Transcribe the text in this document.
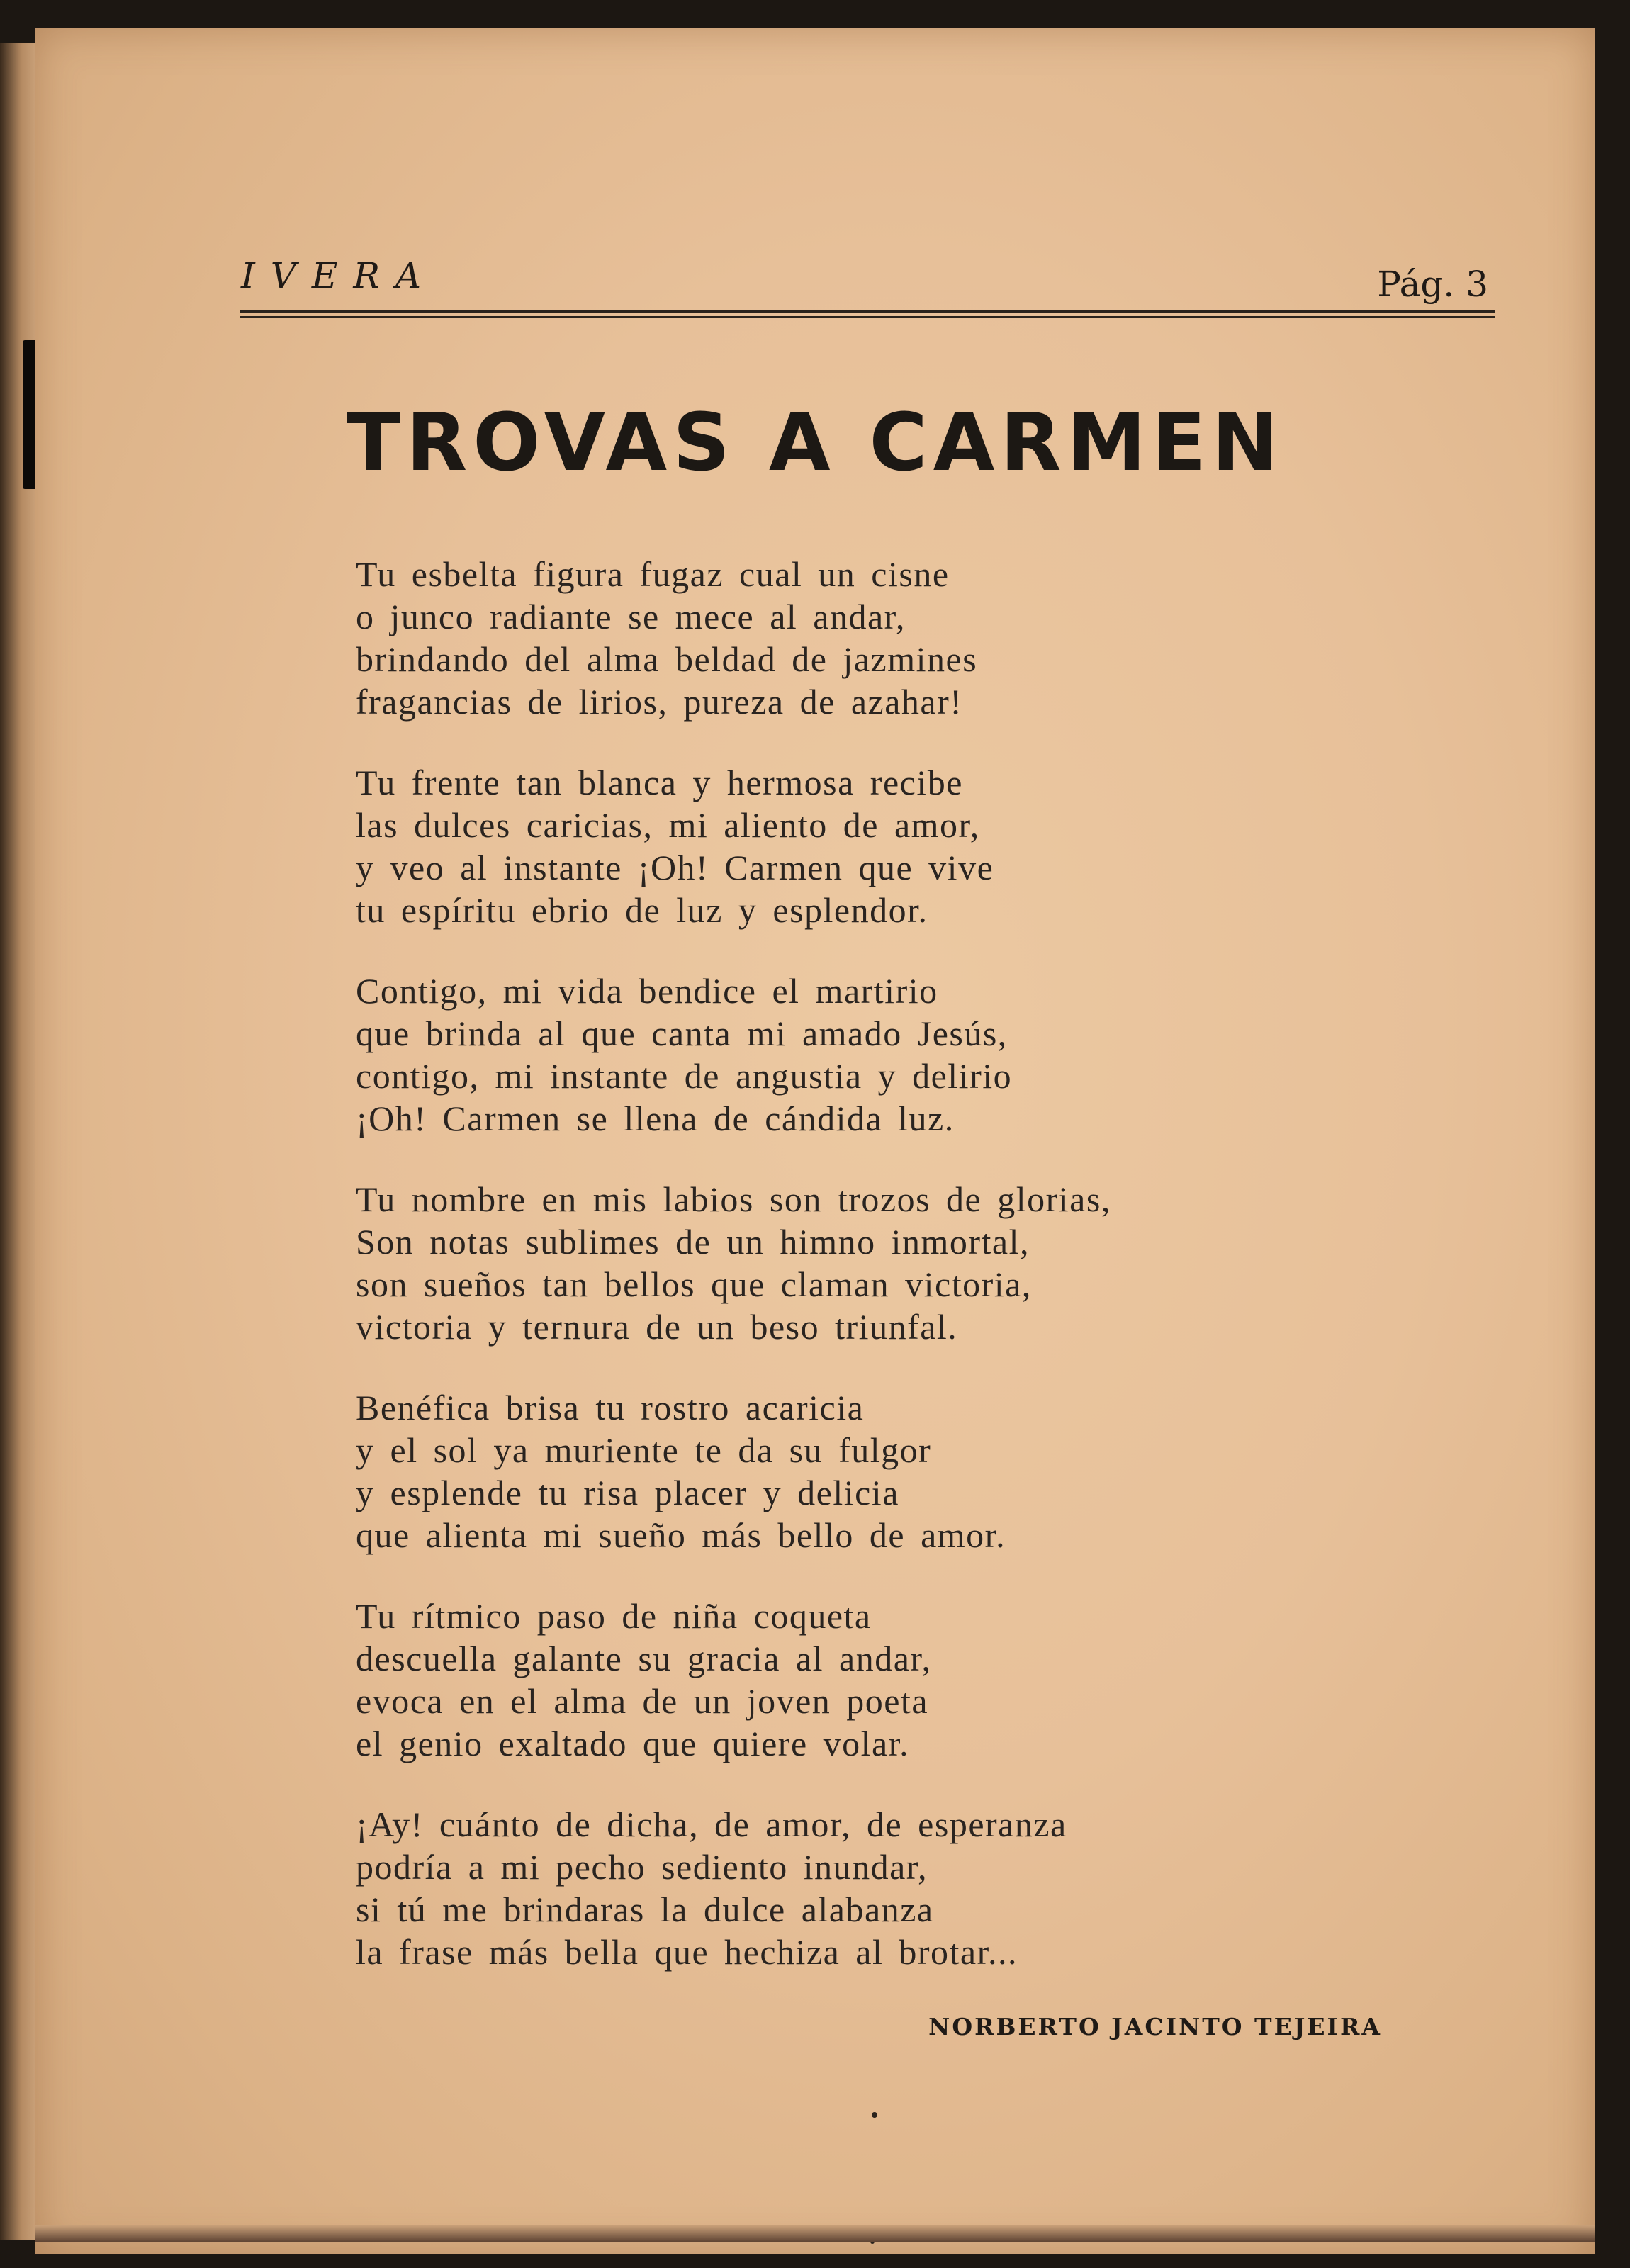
IVERA	Pág. 3
TROVAS A CARMEN
Tu esbelta figura fugaz cual un cisne
o junco radiante se mece al andar,
brindando del alma beldad de jazmines
fragancias de lirios, pureza de azahar!
Tu frente tan blanca y hermosa recibe
las dulces caricias, mi aliento de amor,
y veo al instante ¡Oh! Carmen que vive
tu espíritu ebrio de luz y esplendor.
Contigo, mi vida bendice el martirio
que brinda al que canta mi amado Jesús,
contigo, mi instante de angustia y delirio
¡Oh! Carmen se llena de cándida luz.
Tu nombre en mis labios son trozos de glorias,
Son notas sublimes de un himno inmortal,
son sueños tan bellos que claman victoria,
victoria y ternura de un beso triunfal.
Benéfica brisa tu rostro acaricia
y el sol ya muriente te da su fulgor
y esplende tu risa placer y delicia
que alienta mi sueño más bello de amor.
Tu rítmico paso de niña coqueta
descuella galante su gracia al andar,
evoca en el alma de un joven poeta
el genio exaltado que quiere volar.
¡Ay! cuánto de dicha, de amor, de esperanza
podría a mi pecho sediento inundar,
si tú me brindaras la dulce alabanza
la frase más bella que hechiza al brotar...
NORBERTO JACINTO TEJEIRA
